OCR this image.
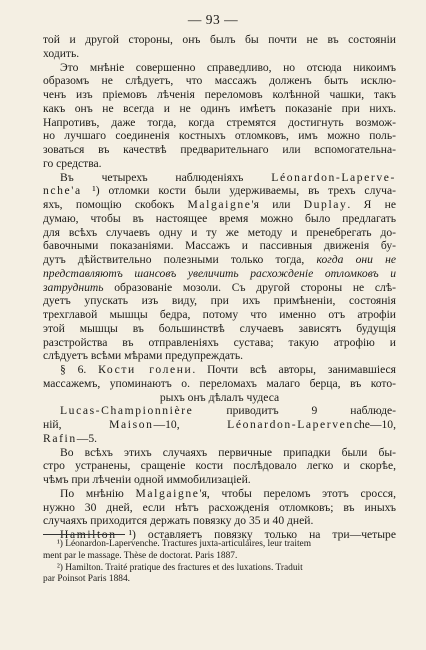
— 93 —
той и другой стороны, онъ былъ бы почти не въ состоянiи
ходить.
Это мнѣнiе совершенно справедливо, но отсюда никоимъ
образомъ не слѣдуетъ, что массажъ долженъ быть исклю-
ченъ изъ прiемовъ лѣченiя переломовъ колѣнной чашки, такъ
какъ онъ не всегда и не одинъ имѣетъ показанiе при нихъ.
Напротивъ, даже тогда, когда стремятся достигнуть возмож-
но лучшаго соединенiя костныхъ отломковъ, имъ можно поль-
зоваться въ качествѣ предварительнаго или вспомогательна-
го средства.
Въ четырехъ наблюденiяхъ Léonardon-Laperve-
nche'a ¹) отломки кости были удерживаемы, въ трехъ случа-
яхъ, помощiю скобокъ Malgaigne'я или Duplay. Я не
думаю, чтобы въ настоящее время можно было предлагать
для всѣхъ случаевъ одну и ту же методу и пренебрегать до-
бавочными показанiями. Массажъ и пассивныя движенiя бу-
дутъ дѣйствительно полезными только тогда, когда они не
представляютъ шансовъ увеличить расхожденiе отломковъ и
затруднить образованiе мозоли. Съ другой стороны не слѣ-
дуетъ упускать изъ виду, при ихъ примѣненiи, состоянiя
трехглавой мышцы бедра, потому что именно отъ атрофiи
этой мышцы въ большинствѣ случаевъ зависятъ будущiя
разстройства въ отправленiяхъ сустава; такую атрофiю и
слѣдуетъ всѣми мѣрами предупреждать.
§ 6. Кости голени. Почти всѣ авторы, занимавшiеся
массажемъ, упоминаютъ о. переломахъ малаго берца, въ кото-
рыхъ онъ дѣлалъ чудеса
Lucas-Championnière приводитъ 9 наблюде-
нiй, Maison—10, Léonardon-Lapervenche—10,
Rafin—5.
Во всѣхъ этихъ случаяхъ первичные припадки были бы-
стро устранены, сращенiе кости послѣдовало легко и скорѣе,
чѣмъ при лѣченiи одной иммобилизацiей.
По мнѣнiю Malgaigne'я, чтобы переломъ этотъ сросся,
нужно 30 дней, если нѣтъ расхожденiя отломковъ; въ иныхъ
случаяхъ приходится держать повязку до 35 и 40 дней.
Hamilton ¹) оставляетъ повязку только на три—четыре
¹) Léonardon-Lapervenche. Tractures juxta-articulaires, leur traitem
ment par le massage. Thèse de doctorat. Paris 1887.
²) Hamilton. Traité pratique des fractures et des luxations. Traduit
par Poinsot Paris 1884.
